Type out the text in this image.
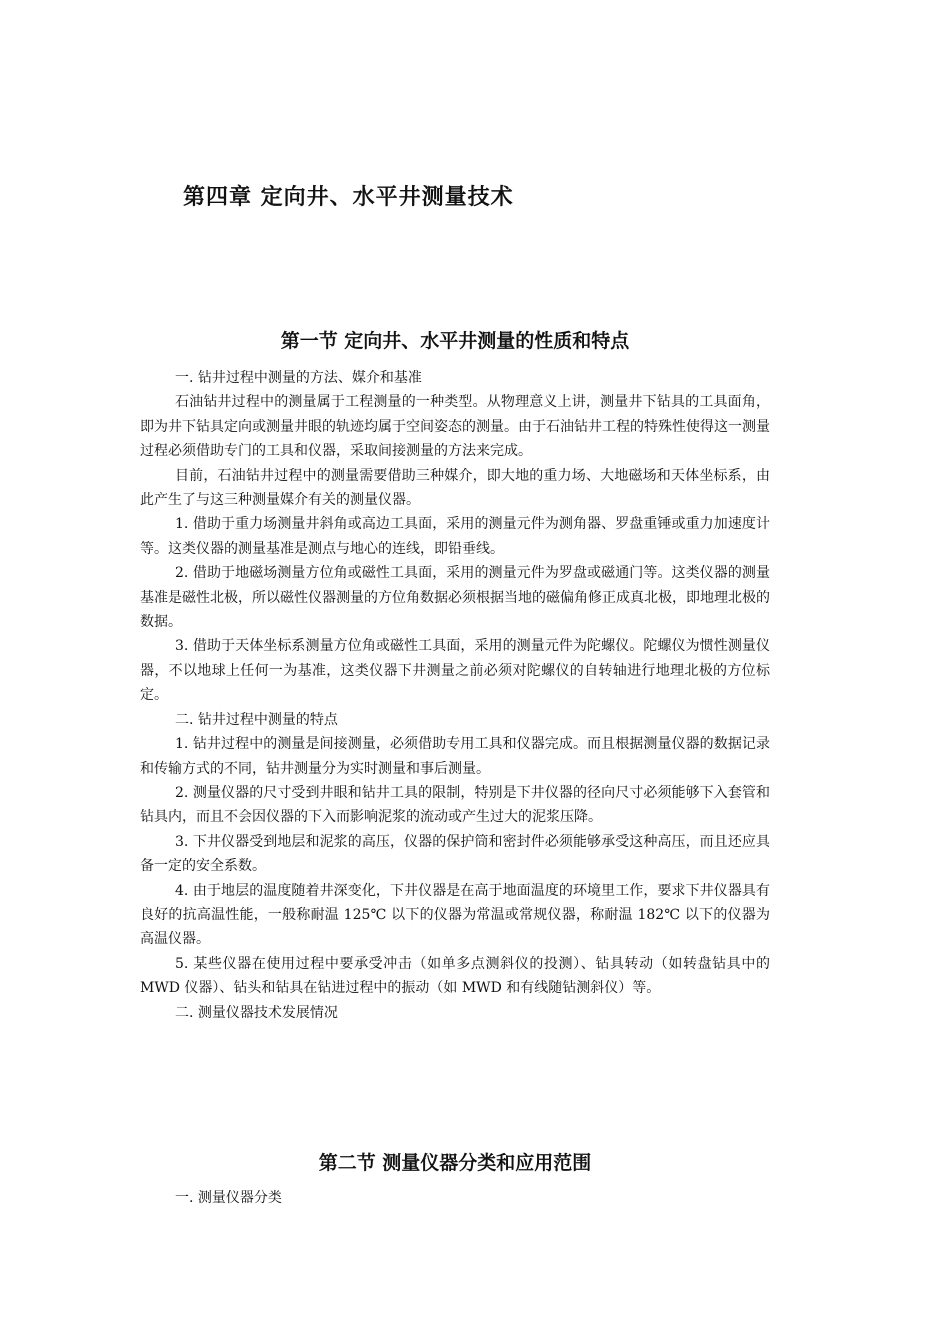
第四章 定向井、水平井测量技术
第一节 定向井、水平井测量的性质和特点

一. 钻井过程中测量的方法、媒介和基准

石油钻井过程中的测量属于工程测量的一种类型。从物理意义上讲，测量井下钻具的工具面角，即为井下钻具定向或测量井眼的轨迹均属于空间姿态的测量。由于石油钻井工程的特殊性使得这一测量过程必须借助专门的工具和仪器，采取间接测量的方法来完成。

目前，石油钻井过程中的测量需要借助三种媒介，即大地的重力场、大地磁场和天体坐标系，由此产生了与这三种测量媒介有关的测量仪器。

1. 借助于重力场测量井斜角或高边工具面，采用的测量元件为测角器、罗盘重锤或重力加速度计等。这类仪器的测量基准是测点与地心的连线，即铅垂线。

2. 借助于地磁场测量方位角或磁性工具面，采用的测量元件为罗盘或磁通门等。这类仪器的测量基准是磁性北极，所以磁性仪器测量的方位角数据必须根据当地的磁偏角修正成真北极，即地理北极的数据。

3. 借助于天体坐标系测量方位角或磁性工具面，采用的测量元件为陀螺仪。陀螺仪为惯性测量仪器，不以地球上任何一为基准，这类仪器下井测量之前必须对陀螺仪的自转轴进行地理北极的方位标定。

二. 钻井过程中测量的特点

1. 钻井过程中的测量是间接测量，必须借助专用工具和仪器完成。而且根据测量仪器的数据记录和传输方式的不同，钻井测量分为实时测量和事后测量。

2. 测量仪器的尺寸受到井眼和钻井工具的限制，特别是下井仪器的径向尺寸必须能够下入套管和钻具内，而且不会因仪器的下入而影响泥浆的流动或产生过大的泥浆压降。

3. 下井仪器受到地层和泥浆的高压，仪器的保护筒和密封件必须能够承受这种高压，而且还应具备一定的安全系数。

4. 由于地层的温度随着井深变化，下井仪器是在高于地面温度的环境里工作，要求下井仪器具有良好的抗高温性能，一般称耐温 125℃ 以下的仪器为常温或常规仪器，称耐温 182℃ 以下的仪器为高温仪器。

5. 某些仪器在使用过程中要承受冲击（如单多点测斜仪的投测）、钻具转动（如转盘钻具中的 MWD 仪器）、钻头和钻具在钻进过程中的振动（如 MWD 和有线随钻测斜仪）等。

二. 测量仪器技术发展情况

第二节 测量仪器分类和应用范围

一. 测量仪器分类
